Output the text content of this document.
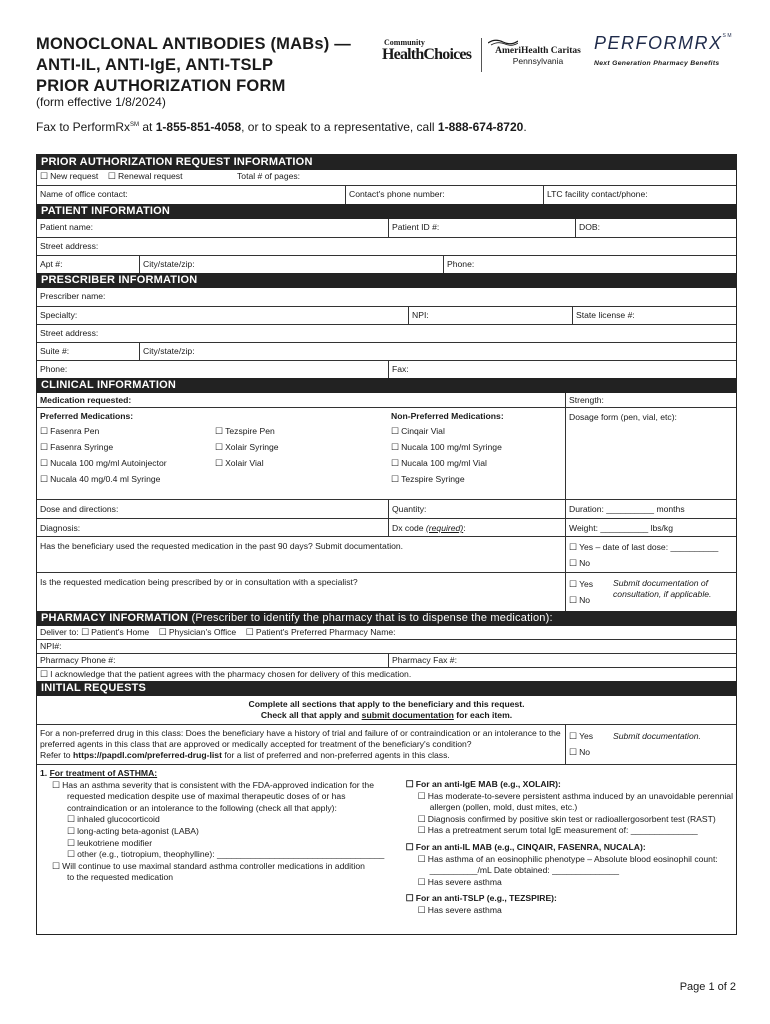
MONOCLONAL ANTIBODIES (MABs) —
ANTI-IL, ANTI-IgE, ANTI-TSLP
PRIOR AUTHORIZATION FORM
(form effective 1/8/2024)
Fax to PerformRx℠ at 1-855-851-4058, or to speak to a representative, call 1-888-674-8720.
Community
HealthChoices	AmeriHealth Caritas
Pennsylvania
PERFORMRX℠
Next Generation Pharmacy Benefits
PRIOR AUTHORIZATION REQUEST INFORMATION
☐ New request ☐ Renewal request	Total # of pages:
Name of office contact:	Contact's phone number:	LTC facility contact/phone:
PATIENT INFORMATION
Patient name:	Patient ID #:	DOB:
Street address:
Apt #:	City/state/zip:	Phone:
PRESCRIBER INFORMATION
Prescriber name:
Specialty:	NPI:	State license #:
Street address:
Suite #:	City/state/zip:
Phone:	Fax:
CLINICAL INFORMATION
Medication requested:
Preferred Medications:
☐ Fasenra Pen
☐ Fasenra Syringe
☐ Nucala 100 mg/ml Autoinjector
☐ Nucala 40 mg/0.4 ml Syringe
☐ Tezspire Pen
☐ Xolair Syringe
☐ Xolair Vial
Non-Preferred Medications:
☐ Cinqair Vial
☐ Nucala 100 mg/ml Syringe
☐ Nucala 100 mg/ml Vial
☐ Tezspire Syringe
Strength:
Dosage form (pen, vial, etc):
Dose and directions:	Quantity:	Duration: __________ months
Diagnosis:	Dx code (required):	Weight: __________ lbs/kg
Has the beneficiary used the requested medication in the past 90 days? Submit documentation. ☐	Yes – date of last dose: __________
☐ No
Is the requested medication being prescribed by or in consultation with a specialist? ☐	Yes
☐ No
Submit documentation of consultation, if applicable.
PHARMACY INFORMATION (Prescriber to identify the pharmacy that is to dispense the medication):
Deliver to: ☐ Patient's Home ☐ Physician's Office ☐ Patient's Preferred Pharmacy Name:
NPI#:
Pharmacy Phone #:	Pharmacy Fax #:
☐ I acknowledge that the patient agrees with the pharmacy chosen for delivery of this medication.
INITIAL REQUESTS
Complete all sections that apply to the beneficiary and this request.
Check all that apply and submit documentation for each item.
For a non-preferred drug in this class: Does the beneficiary have a history of trial and failure of or contraindication or an intolerance to the preferred agents in this class that are approved or medically accepted for treatment of the beneficiary's condition?
Refer to https://papdl.com/preferred-drug-list for a list of preferred and non-preferred agents in this class.
☐ Yes
☐ No
Submit documentation.
1. For treatment of ASTHMA:
☐ Has an asthma severity that is consistent with the FDA-approved indication for the
requested medication despite use of maximal therapeutic doses of or has
contraindication or an intolerance to the following (check all that apply):
☐ inhaled glucocorticoid
☐ long-acting beta-agonist (LABA)
☐ leukotriene modifier
☐ other (e.g., tiotropium, theophylline): ___________________________________
☐ Will continue to use maximal standard asthma controller medications in addition
to the requested medication
☐ For an anti-IgE MAB (e.g., XOLAIR):
☐ Has moderate-to-severe persistent asthma induced by an unavoidable perennial
allergen (pollen, mold, dust mites, etc.)
☐ Diagnosis confirmed by positive skin test or radioallergosorbent test (RAST)
☐ Has a pretreatment serum total IgE measurement of: ______________
☐ For an anti-IL MAB (e.g., CINQAIR, FASENRA, NUCALA):
☐ Has asthma of an eosinophilic phenotype – Absolute blood eosinophil count:
__________/mL Date obtained: ______________
☐ Has severe asthma
☐ For an anti-TSLP (e.g., TEZSPIRE):
☐ Has severe asthma
Page 1 of 2
